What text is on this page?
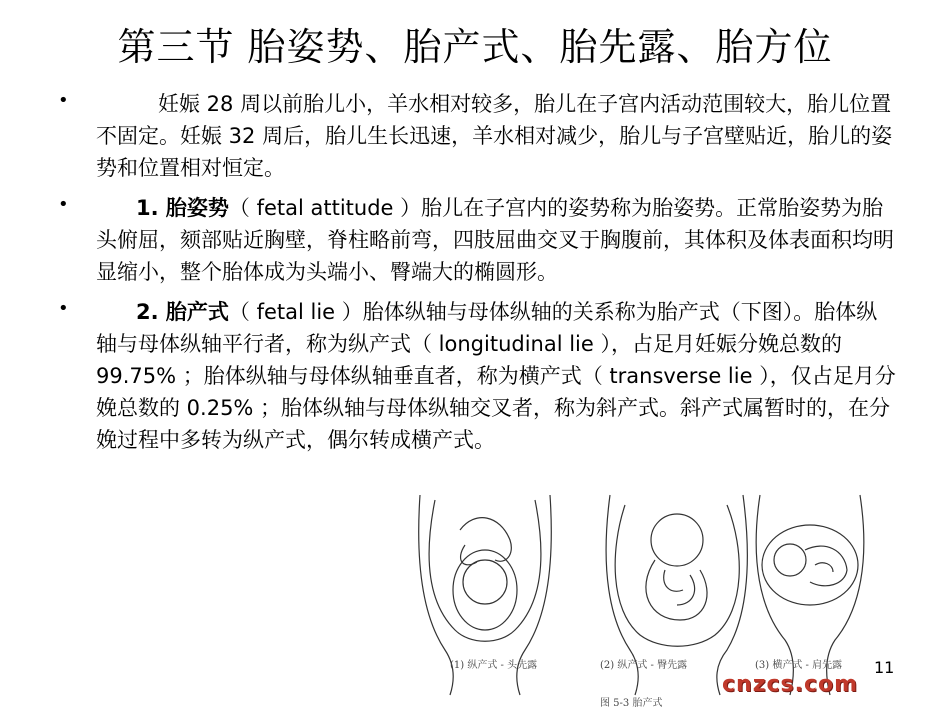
第三节 胎姿势、胎产式、胎先露、胎方位
•	妊娠 28 周以前胎儿小，羊水相对较多，胎儿在子宫内活动范围较大，胎儿位置不固定。妊娠 32 周后，胎儿生长迅速，羊水相对减少，胎儿与子宫壁贴近，胎儿的姿势和位置相对恒定。
•	1. 胎姿势（ fetal attitude ）胎儿在子宫内的姿势称为胎姿势。正常胎姿势为胎头俯屈，颏部贴近胸壁，脊柱略前弯，四肢屈曲交叉于胸腹前，其体积及体表面积均明显缩小，整个胎体成为头端小、臀端大的椭圆形。
•	2. 胎产式（ fetal lie ）胎体纵轴与母体纵轴的关系称为胎产式（下图）。胎体纵轴与母体纵轴平行者，称为纵产式（ longitudinal lie ），占足月妊娠分娩总数的 99.75% ；胎体纵轴与母体纵轴垂直者，称为横产式（ transverse lie ），仅占足月分娩总数的 0.25% ；胎体纵轴与母体纵轴交叉者，称为斜产式。斜产式属暂时的，在分娩过程中多转为纵产式，偶尔转成横产式。
(1) 纵产式 - 头先露	(2) 纵产式 - 臀先露	(3) 横产式 - 肩先露
图 5-3 胎产式
11
cnzcs.com
